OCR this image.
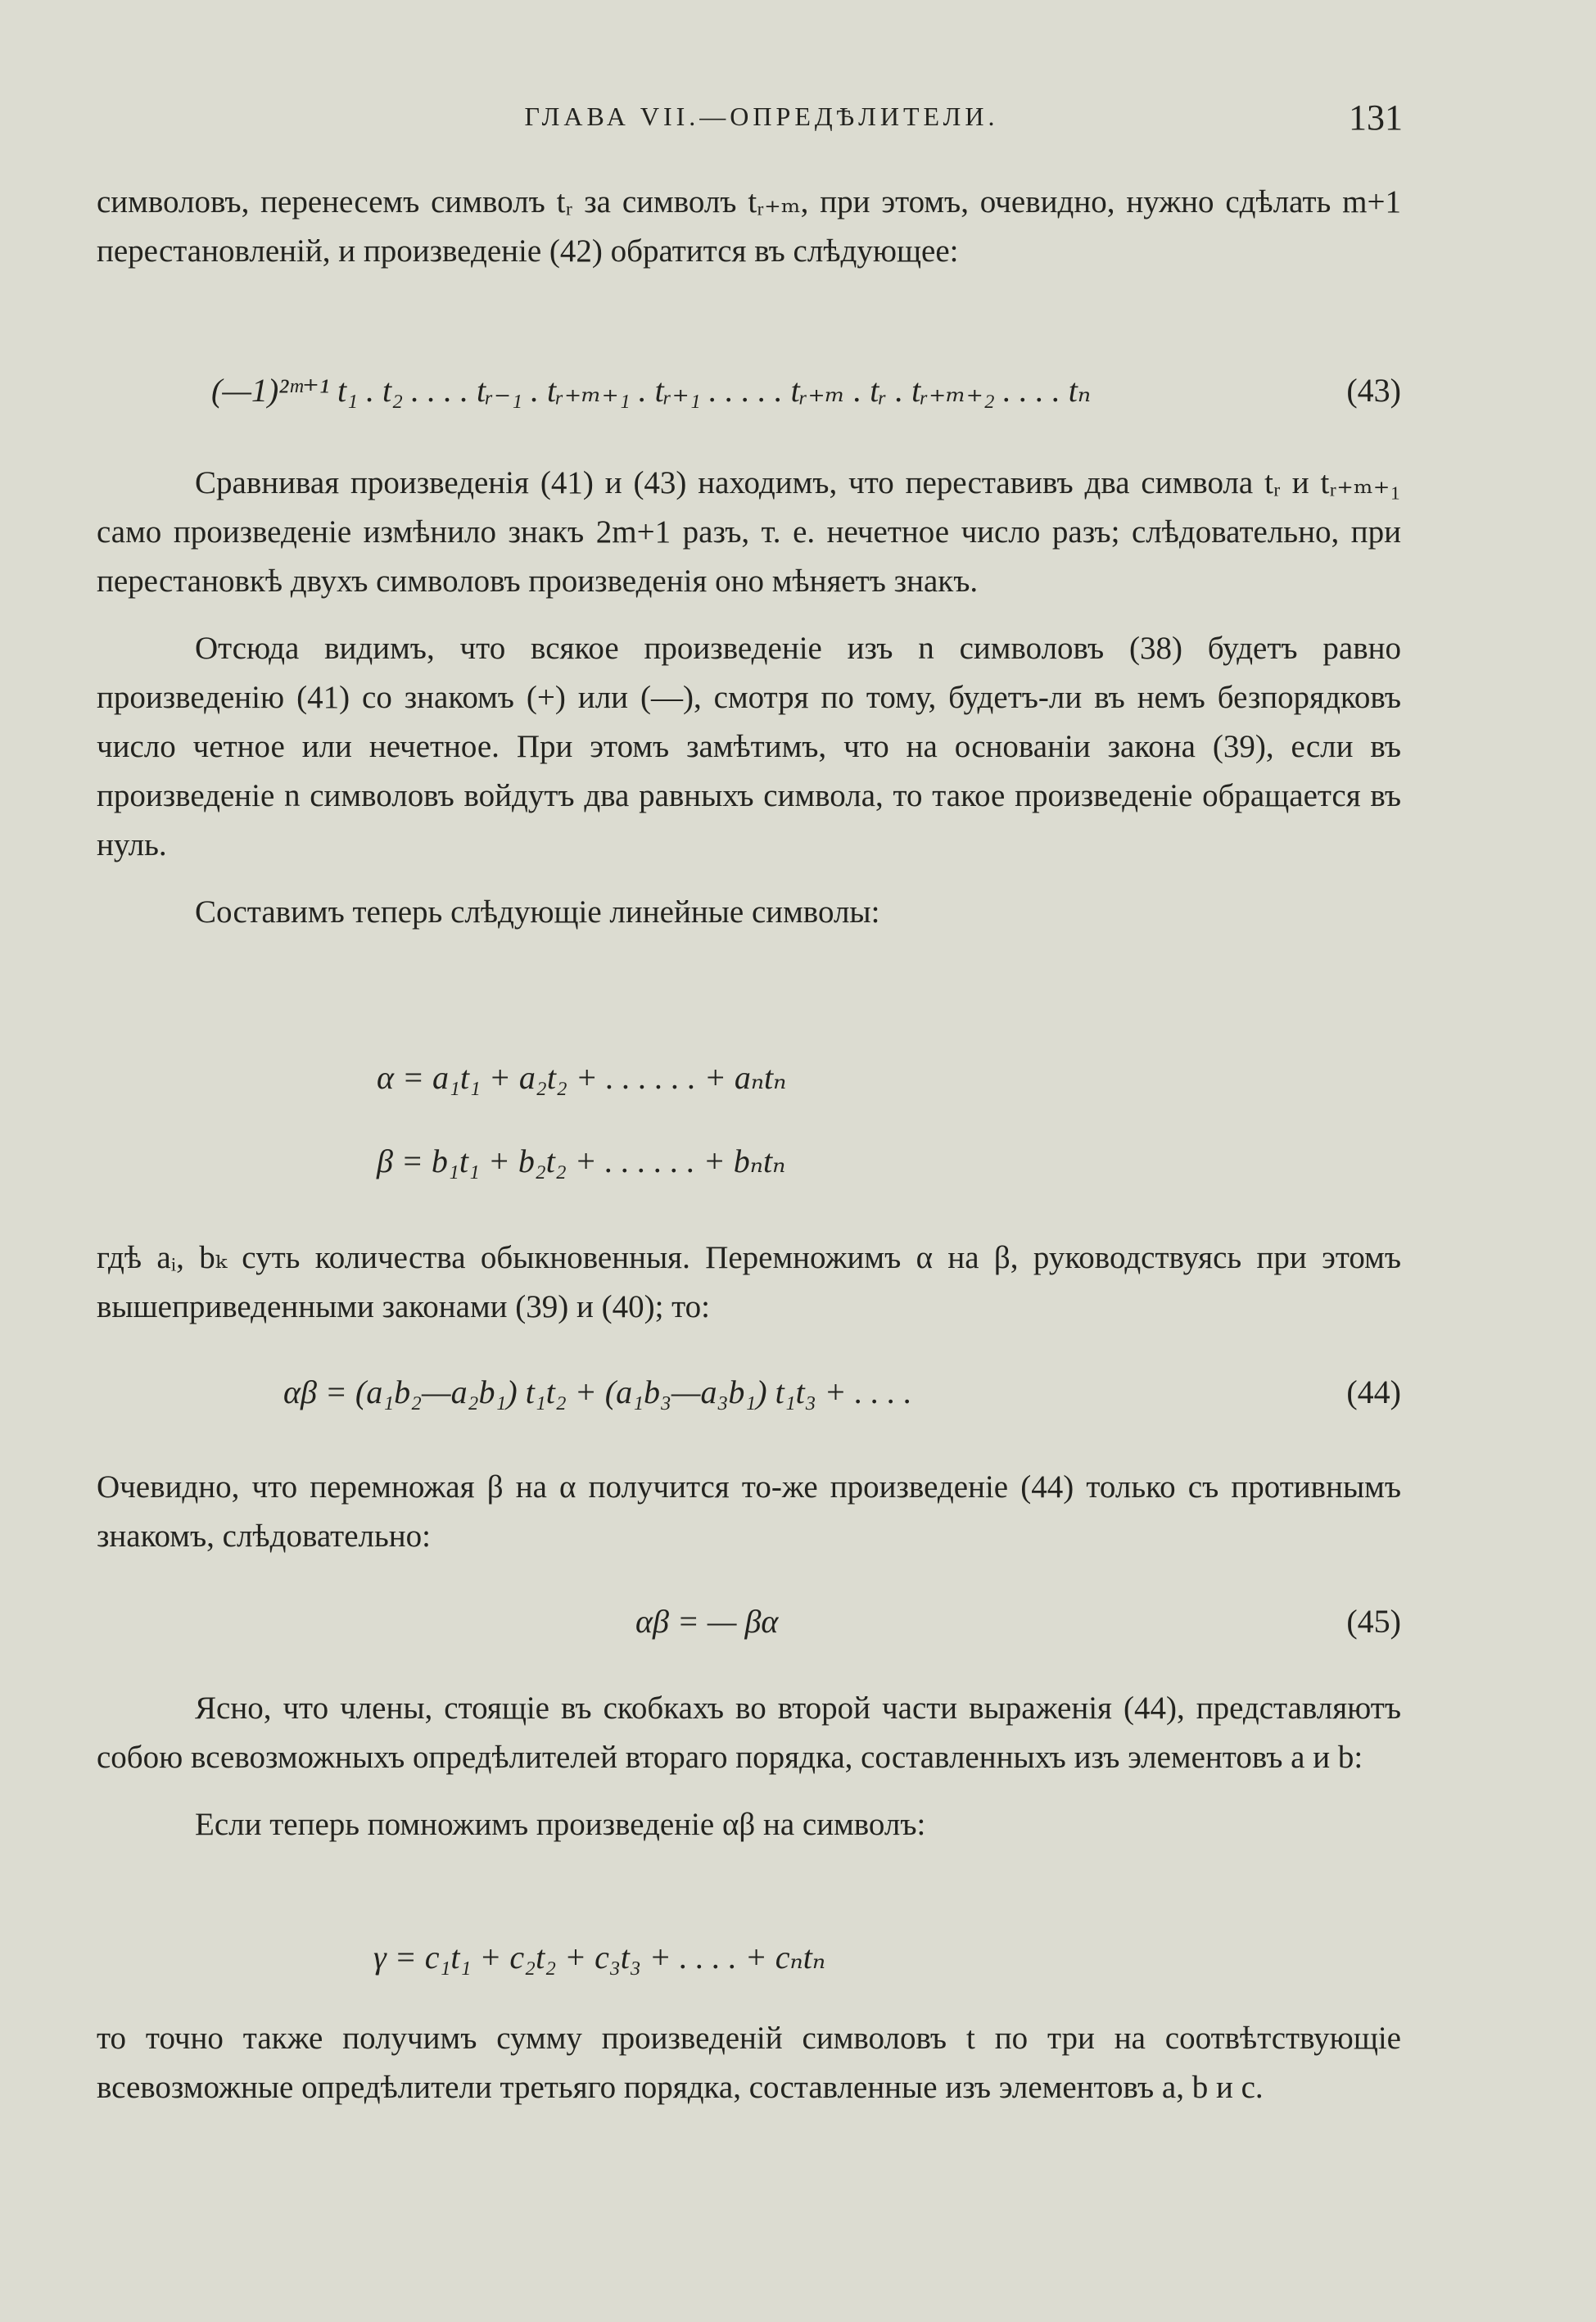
ГЛАВА VII.—ОПРЕДѢЛИТЕЛИ.	131

символовъ, перенесемъ символъ tᵣ за символъ tᵣ₊ₘ, при этомъ, очевидно, нужно сдѣлать m+1 перестановленій, и произведеніе (42) обратится въ слѣдующее:

(—1)²ᵐ⁺¹ t₁ . t₂ . . . . tᵣ₋₁ . tᵣ₊ₘ₊₁ . tᵣ₊₁ . . . . . tᵣ₊ₘ . tᵣ . tᵣ₊ₘ₊₂ . . . . tₙ	(43)

Сравнивая произведенія (41) и (43) находимъ, что переставивъ два символа tᵣ и tᵣ₊ₘ₊₁ само произведеніе измѣнило знакъ 2m+1 разъ, т. е. нечетное число разъ; слѣдовательно, при перестановкѣ двухъ символовъ произведенія оно мѣняетъ знакъ.

Отсюда видимъ, что всякое произведеніе изъ n символовъ (38) будетъ равно произведенію (41) со знакомъ (+) или (—), смотря по тому, будетъ-ли въ немъ безпорядковъ число четное или нечетное. При этомъ замѣтимъ, что на основаніи закона (39), если въ произведеніе n символовъ войдутъ два равныхъ символа, то такое произведеніе обращается въ нуль.

Составимъ теперь слѣдующіе линейные символы:

α = a₁t₁ + a₂t₂ + . . . . . . + aₙtₙ
β = b₁t₁ + b₂t₂ + . . . . . . + bₙtₙ

гдѣ aᵢ, bₖ суть количества обыкновенныя. Перемножимъ α на β, руководствуясь при этомъ вышеприведенными законами (39) и (40); то:

αβ = (a₁b₂—a₂b₁) t₁t₂ + (a₁b₃—a₃b₁) t₁t₃ + . . . .	(44)

Очевидно, что перемножая β на α получится то-же произведеніе (44) только съ противнымъ знакомъ, слѣдовательно:

αβ = — βα	(45)

Ясно, что члены, стоящіе въ скобкахъ во второй части выраженія (44), представляютъ собою всевозможныхъ опредѣлителей втораго порядка, составленныхъ изъ элементовъ a и b:

Если теперь помножимъ произведеніе αβ на символъ:

γ = c₁t₁ + c₂t₂ + c₃t₃ + . . . . + cₙtₙ

то точно также получимъ сумму произведеній символовъ t по три на соотвѣтствующіе всевозможные опредѣлители третьяго порядка, составленные изъ элементовъ a, b и c.
